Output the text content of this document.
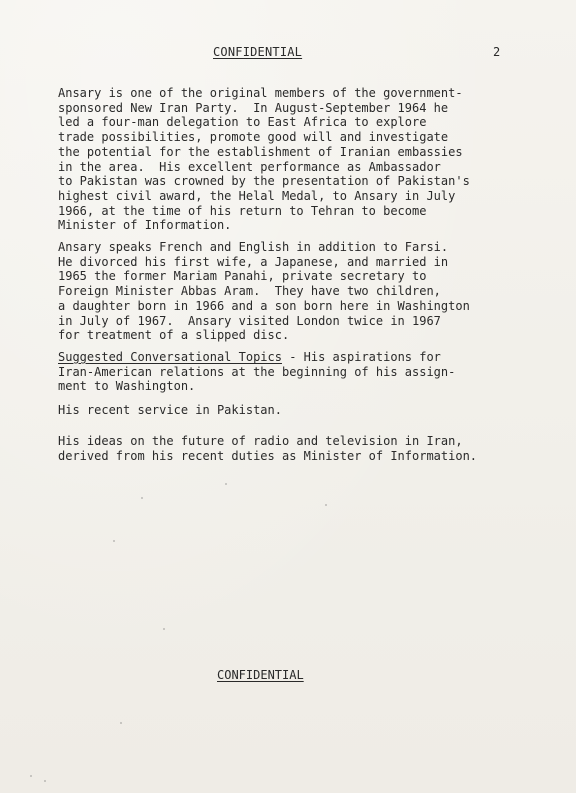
CONFIDENTIAL	2

Ansary is one of the original members of the government-
sponsored New Iran Party.  In August-September 1964 he
led a four-man delegation to East Africa to explore
trade possibilities, promote good will and investigate
the potential for the establishment of Iranian embassies
in the area.  His excellent performance as Ambassador
to Pakistan was crowned by the presentation of Pakistan's
highest civil award, the Helal Medal, to Ansary in July
1966, at the time of his return to Tehran to become
Minister of Information.

Ansary speaks French and English in addition to Farsi.
He divorced his first wife, a Japanese, and married in
1965 the former Mariam Panahi, private secretary to
Foreign Minister Abbas Aram.  They have two children,
a daughter born in 1966 and a son born here in Washington
in July of 1967.  Ansary visited London twice in 1967
for treatment of a slipped disc.

Suggested Conversational Topics - His aspirations for
Iran-American relations at the beginning of his assign-
ment to Washington.

His recent service in Pakistan.

His ideas on the future of radio and television in Iran,
derived from his recent duties as Minister of Information.

CONFIDENTIAL
